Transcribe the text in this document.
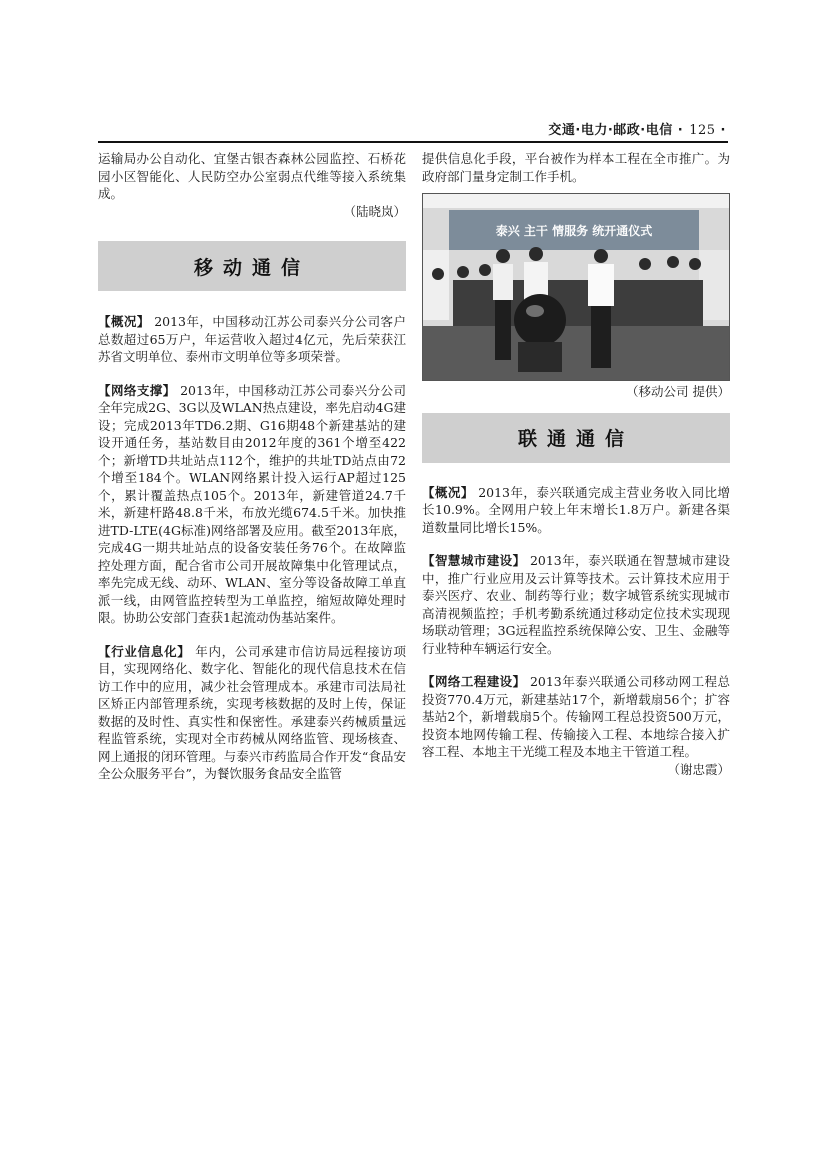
交通·电力·邮政·电信 · 125 ·

运输局办公自动化、宜堡古银杏森林公园监控、石桥花园小区智能化、人民防空办公室弱点代维等接入系统集成。

（陆晓岚）
移动通信

【概况】 2013年，中国移动江苏公司泰兴分公司客户总数超过65万户，年运营收入超过4亿元，先后荣获江苏省文明单位、泰州市文明单位等多项荣誉。

【网络支撑】 2013年，中国移动江苏公司泰兴分公司全年完成2G、3G以及WLAN热点建设，率先启动4G建设；完成2013年TD6.2期、G16期48个新建基站的建设开通任务，基站数目由2012年度的361个增至422个；新增TD共址站点112个，维护的共址TD站点由72个增至184个。WLAN网络累计投入运行AP超过125个，累计覆盖热点105个。2013年，新建管道24.7千米，新建杆路48.8千米，布放光缆674.5千米。加快推进TD-LTE(4G标准)网络部署及应用。截至2013年底，完成4G一期共址站点的设备安装任务76个。在故障监控处理方面，配合省市公司开展故障集中化管理试点，率先完成无线、动环、WLAN、室分等设备故障工单直派一线，由网管监控转型为工单监控，缩短故障处理时限。协助公安部门查获1起流动伪基站案件。

【行业信息化】 年内，公司承建市信访局远程接访项目，实现网络化、数字化、智能化的现代信息技术在信访工作中的应用，减少社会管理成本。承建市司法局社区矫正内部管理系统，实现考核数据的及时上传，保证数据的及时性、真实性和保密性。承建泰兴药械质量远程监管系统，实现对全市药械从网络监管、现场核查、网上通报的闭环管理。与泰兴市药监局合作开发“食品安全公众服务平台”，为餐饮服务食品安全监管

提供信息化手段，平台被作为样本工程在全市推广。为政府部门量身定制工作手机。

泰兴 主干 情服务 统开通仪式
（移动公司 提供）
联通通信

【概况】 2013年，泰兴联通完成主营业务收入同比增长10.9%。全网用户较上年末增长1.8万户。新建各渠道数量同比增长15%。

【智慧城市建设】 2013年，泰兴联通在智慧城市建设中，推广行业应用及云计算等技术。云计算技术应用于泰兴医疗、农业、制药等行业；数字城管系统实现城市高清视频监控；手机考勤系统通过移动定位技术实现现场联动管理；3G远程监控系统保障公安、卫生、金融等行业特种车辆运行安全。

【网络工程建设】 2013年泰兴联通公司移动网工程总投资770.4万元，新建基站17个，新增载扇56个；扩容基站2个，新增载扇5个。传输网工程总投资500万元，投资本地网传输工程、传输接入工程、本地综合接入扩容工程、本地主干光缆工程及本地主干管道工程。

（谢忠霞）
